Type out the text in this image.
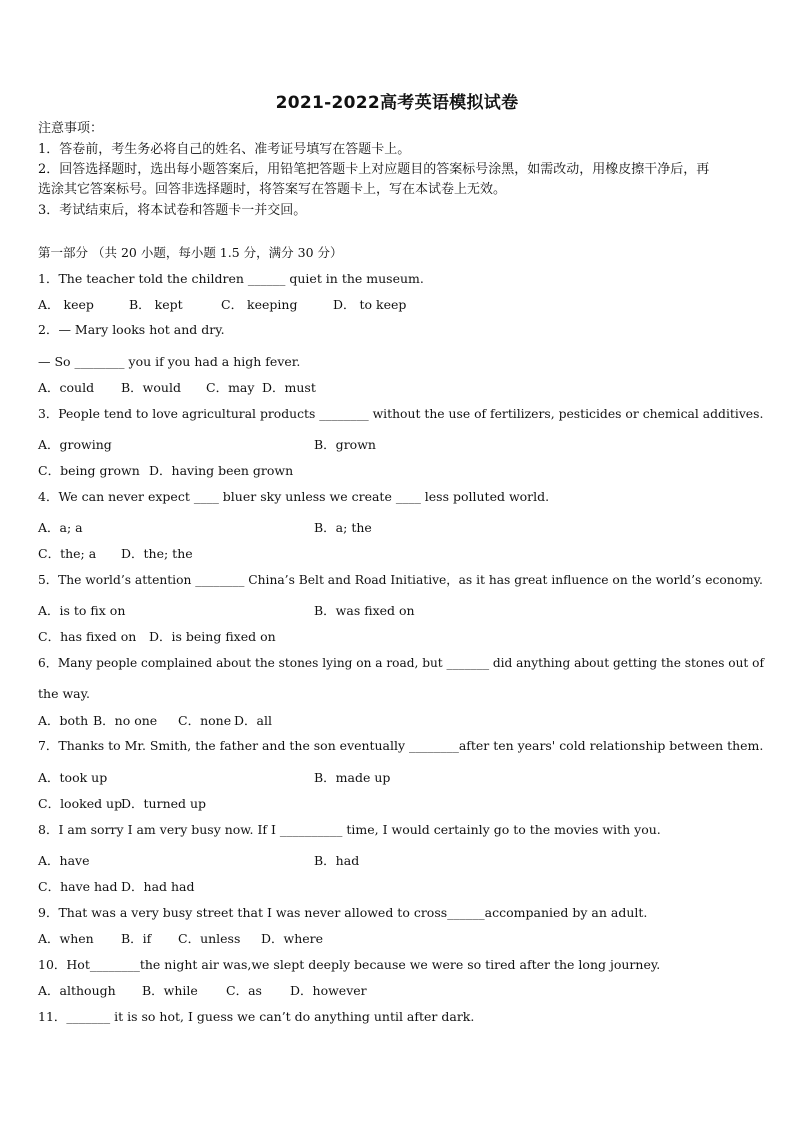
2021-2022高考英语模拟试卷
注意事项：
1．答卷前，考生务必将自己的姓名、准考证号填写在答题卡上。
2．回答选择题时，选出每小题答案后，用铅笔把答题卡上对应题目的答案标号涂黑，如需改动，用橡皮擦干净后，再
选涂其它答案标号。回答非选择题时，将答案写在答题卡上，写在本试卷上无效。
3．考试结束后，将本试卷和答题卡一并交回。
第一部分 （共 20 小题，每小题 1.5 分，满分 30 分）
1．The teacher told the children ______ quiet in the museum.
A． keep	B． kept	C． keeping	D． to keep
2．— Mary looks hot and dry.
— So ________ you if you had a high fever.
A．could B．would C．may D．must
3．People tend to love agricultural products ________ without the use of fertilizers, pesticides or chemical additives.
A．growing	B．grown
C．being grown D．having been grown
4．We can never expect ____ bluer sky unless we create ____ less polluted world.
A．a; a	B．a; the
C．the; a D．the; the
5．The world’s attention ________ China’s Belt and Road Initiative，as it has great influence on the world’s economy.
A．is to fix on	B．was fixed on
C．has fixed on D．is being fixed on
6．Many people complained about the stones lying on a road, but _______ did anything about getting the stones out of
the way.
A．both B．no one C．none D．all
7．Thanks to Mr. Smith, the father and the son eventually ________after ten years' cold relationship between them.
A．took up	B．made up
C．looked upD．turned up
8．I am sorry I am very busy now. If I __________ time, I would certainly go to the movies with you.
A．have	B．had
C．have had D．had had
9．That was a very busy street that I was never allowed to cross______accompanied by an adult.
A．when B．if C．unless D．where
10．Hot________the night air was,we slept deeply because we were so tired after the long journey.
A．although B．while C．as D．however
11．_______ it is so hot, I guess we can’t do anything until after dark.
